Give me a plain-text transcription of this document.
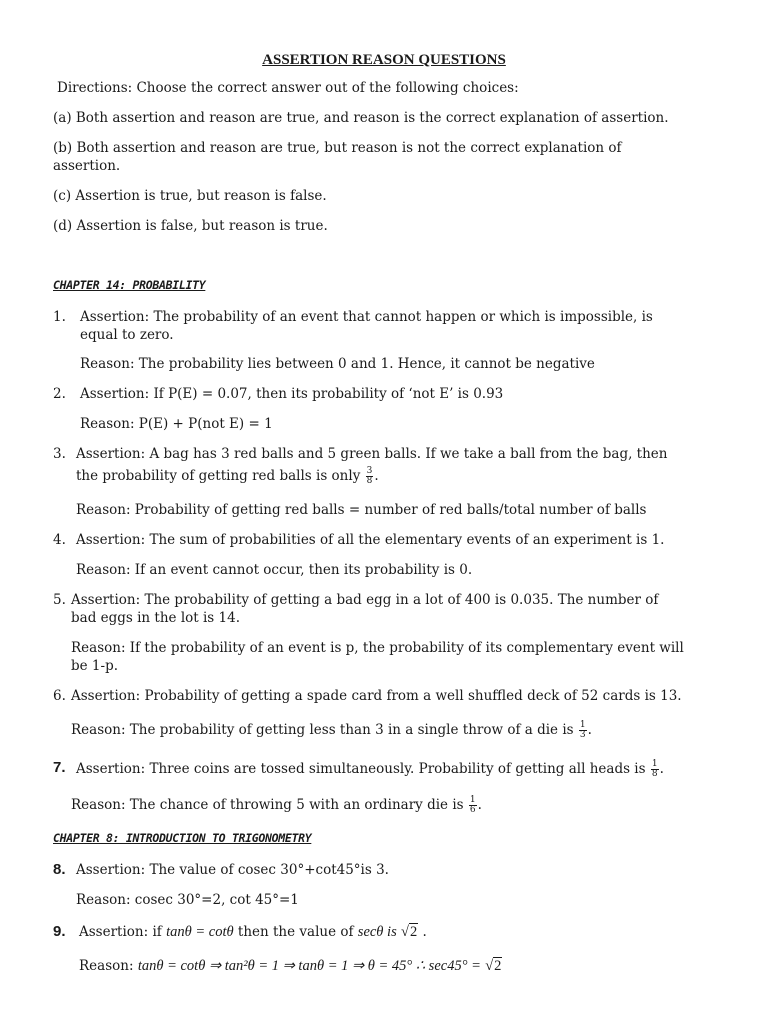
ASSERTION REASON QUESTIONS
Directions: Choose the correct answer out of the following choices:
(a) Both assertion and reason are true, and reason is the correct explanation of assertion.
(b) Both assertion and reason are true, but reason is not the correct explanation of
assertion.
(c) Assertion is true, but reason is false.
(d) Assertion is false, but reason is true.
CHAPTER 14: PROBABILITY
1. Assertion: The probability of an event that cannot happen or which is impossible, is
equal to zero.
Reason: The probability lies between 0 and 1. Hence, it cannot be negative
2. Assertion: If P(E) = 0.07, then its probability of ‘not E’ is 0.93
Reason: P(E) + P(not E) = 1
3. Assertion: A bag has 3 red balls and 5 green balls. If we take a ball from the bag, then
the probability of getting red balls is only $\frac{3}{8}$ .
Reason: Probability of getting red balls = number of red balls/total number of balls
4. Assertion: The sum of probabilities of all the elementary events of an experiment is 1.
Reason: If an event cannot occur, then its probability is 0.
5. Assertion: The probability of getting a bad egg in a lot of 400 is 0.035. The number of
bad eggs in the lot is 14.
Reason: If the probability of an event is p, the probability of its complementary event will
be 1-p.
6. Assertion: Probability of getting a spade card from a well shuffled deck of 52 cards is 13.
Reason: The probability of getting less than 3 in a single throw of a die is $\frac{1}{3}$ .
7. Assertion: Three coins are tossed simultaneously. Probability of getting all heads is $\frac{1}{8}$ .
Reason: The chance of throwing 5 with an ordinary die is $\frac{1}{6}$ .
CHAPTER 8: INTRODUCTION TO TRIGONOMETRY
8. Assertion: The value of cosec 30°+cot45°is 3.
Reason: cosec 30°=2, cot 45°=1
9. Assertion: if tanθ = cotθ then the value of secθ is √2 .
Reason: tanθ = cotθ ⇒ tan²θ = 1 ⇒ tanθ = 1 ⇒ θ = 45° ∴ sec45° = √2
